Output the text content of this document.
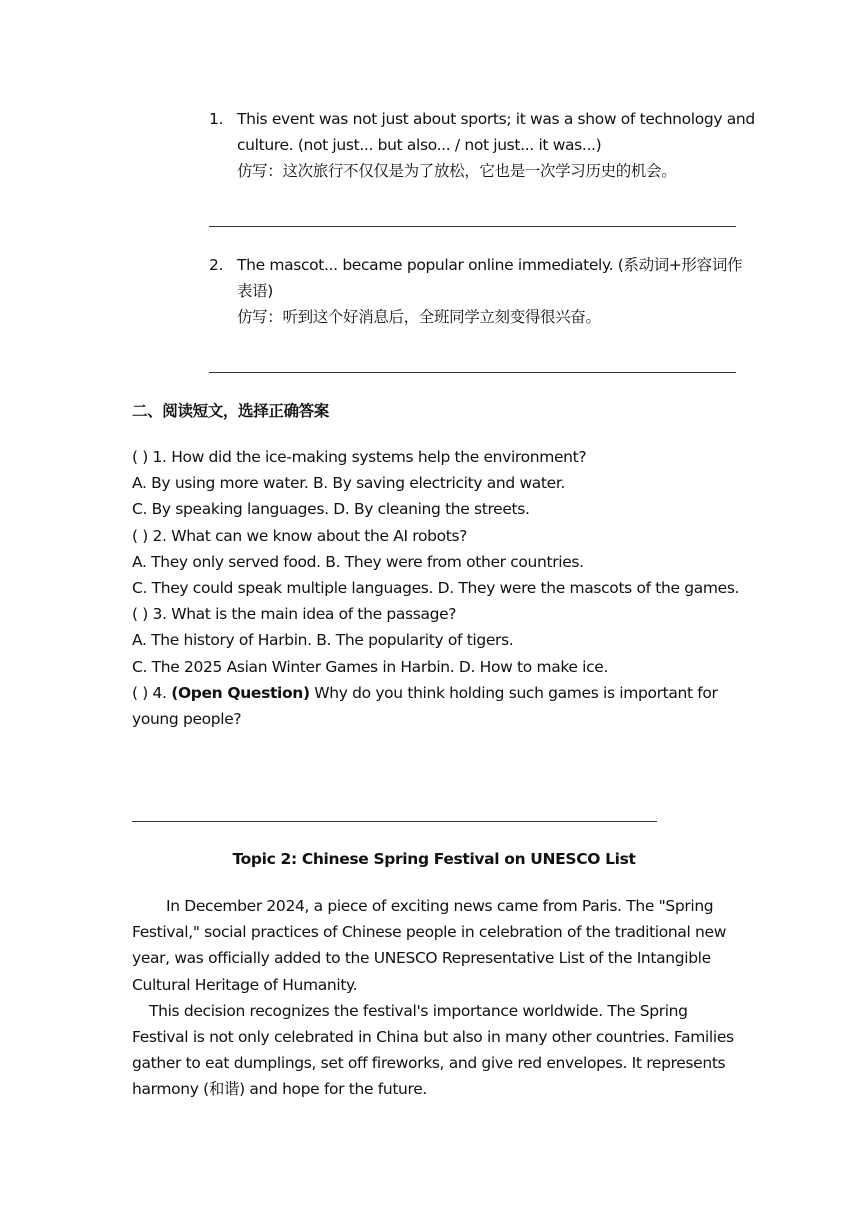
1. This event was not just about sports; it was a show of technology and
culture. (not just... but also... / not just... it was...)
仿写：这次旅行不仅仅是为了放松，它也是一次学习历史的机会。
2. The mascot... became popular online immediately. (系动词+形容词作表语)
仿写：听到这个好消息后，全班同学立刻变得很兴奋。
二、阅读短文，选择正确答案
( ) 1. How did the ice-making systems help the environment?
A. By using more water. B. By saving electricity and water.
C. By speaking languages. D. By cleaning the streets.
( ) 2. What can we know about the AI robots?
A. They only served food. B. They were from other countries.
C. They could speak multiple languages. D. They were the mascots of the games.
( ) 3. What is the main idea of the passage?
A. The history of Harbin. B. The popularity of tigers.
C. The 2025 Asian Winter Games in Harbin. D. How to make ice.
( ) 4. (Open Question) Why do you think holding such games is important for young people?
Topic 2: Chinese Spring Festival on UNESCO List

In December 2024, a piece of exciting news came from Paris. The "Spring Festival," social practices of Chinese people in celebration of the traditional new year, was officially added to the UNESCO Representative List of the Intangible Cultural Heritage of Humanity.

This decision recognizes the festival's importance worldwide. The Spring Festival is not only celebrated in China but also in many other countries. Families gather to eat dumplings, set off fireworks, and give red envelopes. It represents harmony (和谐) and hope for the future.
